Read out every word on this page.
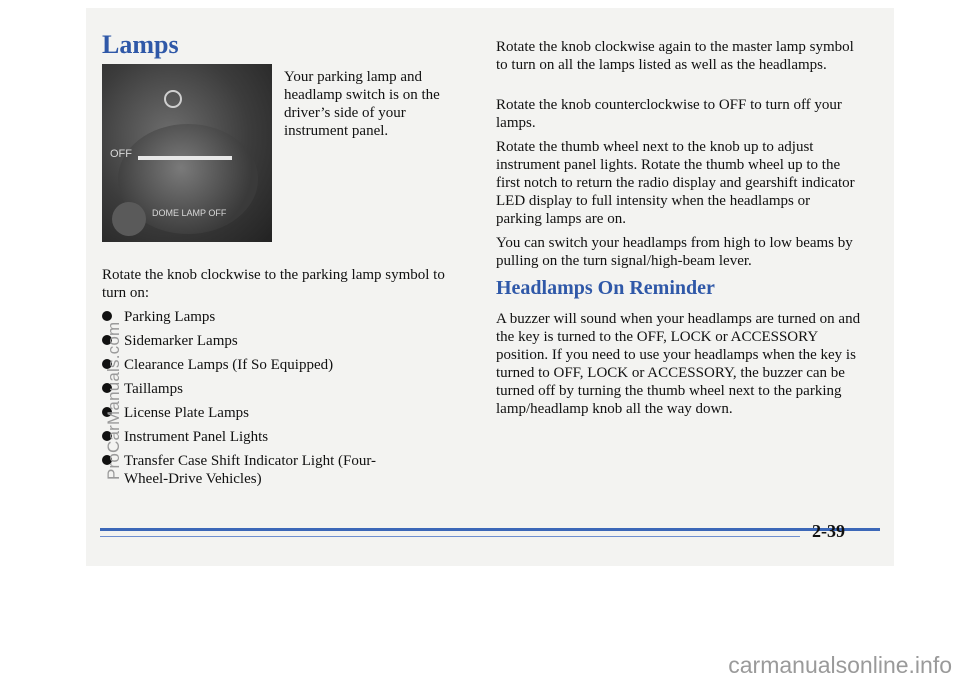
Lamps
OFF
DOME LAMP OFF

Your parking lamp and headlamp switch is on the driver’s side of your instrument panel.

Rotate the knob clockwise to the parking lamp symbol to turn on:

Parking Lamps
Sidemarker Lamps
Clearance Lamps (If So Equipped)
Taillamps
License Plate Lamps
Instrument Panel Lights
Transfer Case Shift Indicator Light (Four-Wheel-Drive Vehicles)

Rotate the knob clockwise again to the master lamp symbol to turn on all the lamps listed as well as the headlamps.

Rotate the knob counterclockwise to OFF to turn off your lamps.

Rotate the thumb wheel next to the knob up to adjust instrument panel lights. Rotate the thumb wheel up to the first notch to return the radio display and gearshift indicator LED display to full intensity when the headlamps or parking lamps are on.

You can switch your headlamps from high to low beams by pulling on the turn signal/high-beam lever.

Headlamps On Reminder

A buzzer will sound when your headlamps are turned on and the key is turned to the OFF, LOCK or ACCESSORY position. If you need to use your headlamps when the key is turned to OFF, LOCK or ACCESSORY, the buzzer can be turned off by turning the thumb wheel next to the parking lamp/headlamp knob all the way down.

2-39
ProCarManuals.com
carmanualsonline.info
